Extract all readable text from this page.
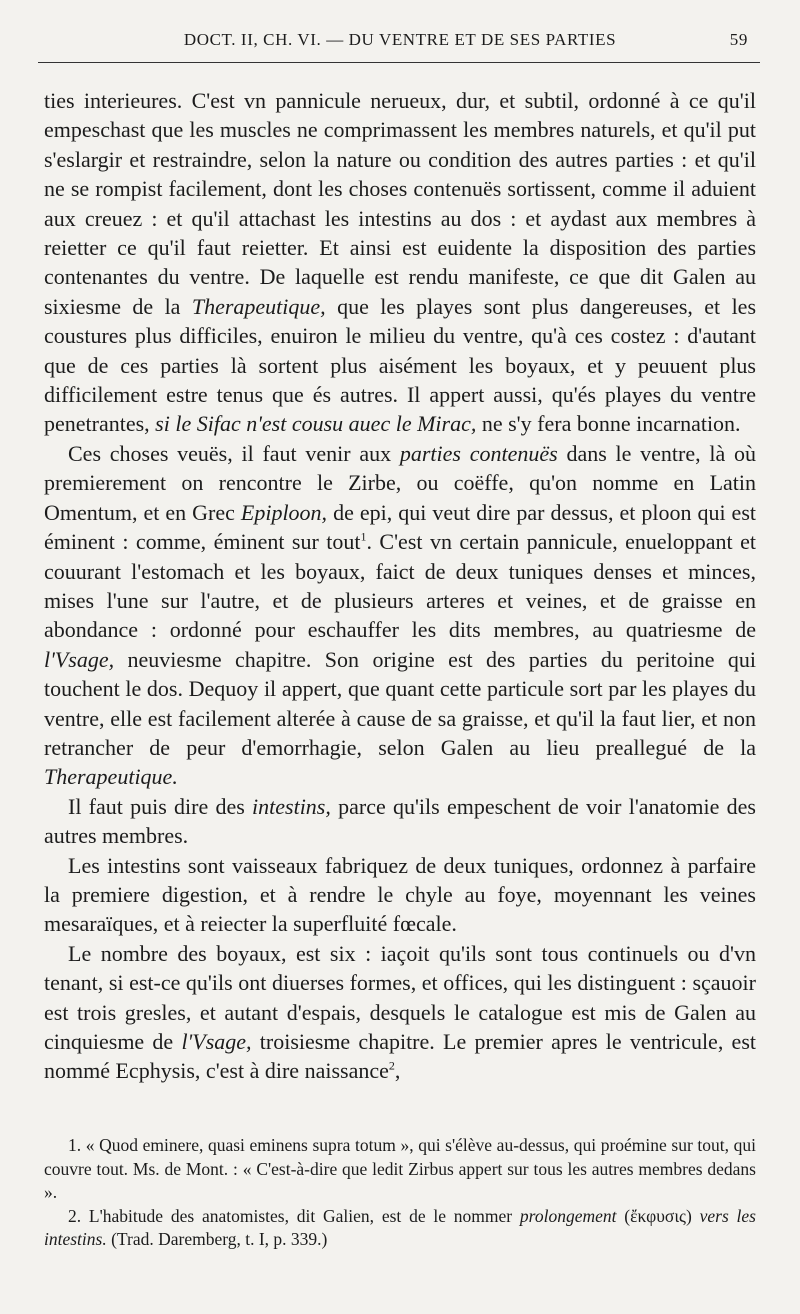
DOCT. II, CH. VI. — DU VENTRE ET DE SES PARTIES	59

ties interieures. C'est vn pannicule nerueux, dur, et subtil, ordonné à ce qu'il empeschast que les muscles ne comprimassent les membres naturels, et qu'il put s'eslargir et restraindre, selon la nature ou condition des autres parties : et qu'il ne se rompist facilement, dont les choses contenuës sortissent, comme il aduient aux creuez : et qu'il attachast les intestins au dos : et aydast aux membres à reietter ce qu'il faut reietter. Et ainsi est euidente la disposition des parties contenantes du ventre. De laquelle est rendu manifeste, ce que dit Galen au sixiesme de la Therapeutique, que les playes sont plus dangereuses, et les coustures plus difficiles, enuiron le milieu du ventre, qu'à ces costez : d'autant que de ces parties là sortent plus aisément les boyaux, et y peuuent plus difficilement estre tenus que és autres. Il appert aussi, qu'és playes du ventre penetrantes, si le Sifac n'est cousu auec le Mirac, ne s'y fera bonne incarnation.

Ces choses veuës, il faut venir aux parties contenuës dans le ventre, là où premierement on rencontre le Zirbe, ou coëffe, qu'on nomme en Latin Omentum, et en Grec Epiploon, de epi, qui veut dire par dessus, et ploon qui est éminent : comme, éminent sur tout$^1$. C'est vn certain pannicule, enueloppant et couurant l'estomach et les boyaux, faict de deux tuniques denses et minces, mises l'une sur l'autre, et de plusieurs arteres et veines, et de graisse en abondance : ordonné pour eschauffer les dits membres, au quatriesme de l'Vsage, neuviesme chapitre. Son origine est des parties du peritoine qui touchent le dos. Dequoy il appert, que quant cette particule sort par les playes du ventre, elle est facilement alterée à cause de sa graisse, et qu'il la faut lier, et non retrancher de peur d'emorrhagie, selon Galen au lieu preallegué de la Therapeutique.

Il faut puis dire des intestins, parce qu'ils empeschent de voir l'anatomie des autres membres.

Les intestins sont vaisseaux fabriquez de deux tuniques, ordonnez à parfaire la premiere digestion, et à rendre le chyle au foye, moyennant les veines mesaraïques, et à reiecter la superfluité fœcale.

Le nombre des boyaux, est six : iaçoit qu'ils sont tous continuels ou d'vn tenant, si est-ce qu'ils ont diuerses formes, et offices, qui les distinguent : sçauoir est trois gresles, et autant d'espais, desquels le catalogue est mis de Galen au cinquiesme de l'Vsage, troisiesme chapitre. Le premier apres le ventricule, est nommé Ecphysis, c'est à dire naissance$^2$,

1. « Quod eminere, quasi eminens supra totum », qui s'élève au-dessus, qui proémine sur tout, qui couvre tout. Ms. de Mont. : « C'est-à-dire que ledit Zirbus appert sur tous les autres membres dedans ».

2. L'habitude des anatomistes, dit Galien, est de le nommer prolongement (ἔκφυσις) vers les intestins. (Trad. Daremberg, t. I, p. 339.)
